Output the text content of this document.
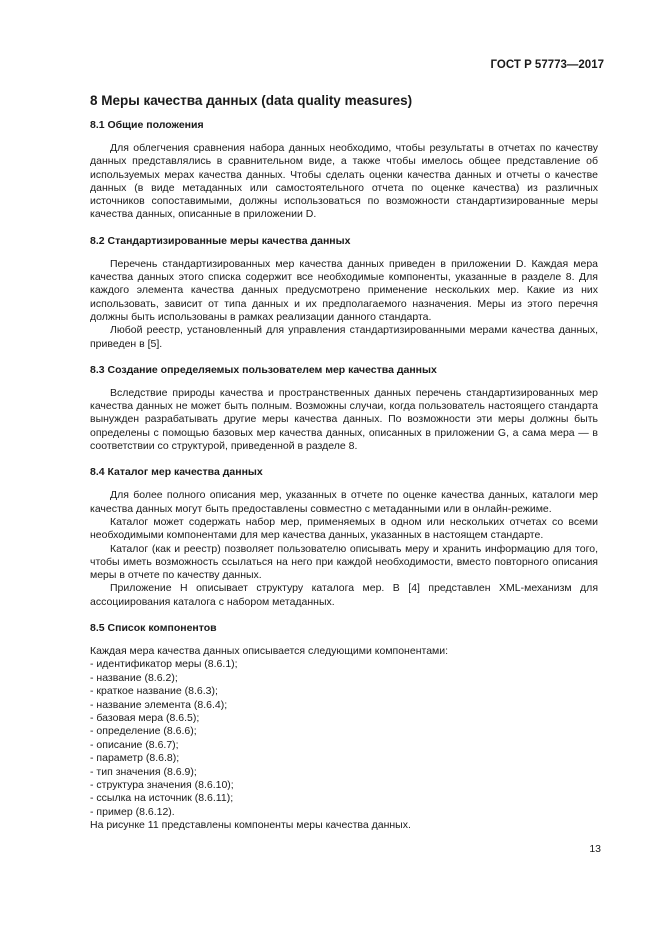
ГОСТ Р 57773—2017
8 Меры качества данных (data quality measures)
8.1 Общие положения

Для облегчения сравнения набора данных необходимо, чтобы результаты в отчетах по качеству данных представлялись в сравнительном виде, а также чтобы имелось общее представление об используемых мерах качества данных. Чтобы сделать оценки качества данных и отчеты о качестве данных (в виде метаданных или самостоятельного отчета по оценке качества) из различных источников сопоставимыми, должны использоваться по возможности стандартизированные меры качества данных, описанные в приложении D.

8.2 Стандартизированные меры качества данных

Перечень стандартизированных мер качества данных приведен в приложении D. Каждая мера качества данных этого списка содержит все необходимые компоненты, указанные в разделе 8. Для каждого элемента качества данных предусмотрено применение нескольких мер. Какие из них использовать, зависит от типа данных и их предполагаемого назначения. Меры из этого перечня должны быть использованы в рамках реализации данного стандарта.

Любой реестр, установленный для управления стандартизированными мерами качества данных, приведен в [5].

8.3 Создание определяемых пользователем мер качества данных

Вследствие природы качества и пространственных данных перечень стандартизированных мер качества данных не может быть полным. Возможны случаи, когда пользователь настоящего стандарта вынужден разрабатывать другие меры качества данных. По возможности эти меры должны быть определены с помощью базовых мер качества данных, описанных в приложении G, а сама мера — в соответствии со структурой, приведенной в разделе 8.

8.4 Каталог мер качества данных

Для более полного описания мер, указанных в отчете по оценке качества данных, каталоги мер качества данных могут быть предоставлены совместно с метаданными или в онлайн-режиме.

Каталог может содержать набор мер, применяемых в одном или нескольких отчетах со всеми необходимыми компонентами для мер качества данных, указанных в настоящем стандарте.

Каталог (как и реестр) позволяет пользователю описывать меру и хранить информацию для того, чтобы иметь возможность ссылаться на него при каждой необходимости, вместо повторного описания меры в отчете по качеству данных.

Приложение H описывает структуру каталога мер. В [4] представлен XML-механизм для ассоциирования каталога с набором метаданных.

8.5 Список компонентов

Каждая мера качества данных описывается следующими компонентами:

- идентификатор меры (8.6.1);
- название (8.6.2);
- краткое название (8.6.3);
- название элемента (8.6.4);
- базовая мера (8.6.5);
- определение (8.6.6);
- описание (8.6.7);
- параметр (8.6.8);
- тип значения (8.6.9);
- структура значения (8.6.10);
- ссылка на источник (8.6.11);
- пример (8.6.12).

На рисунке 11 представлены компоненты меры качества данных.

13
